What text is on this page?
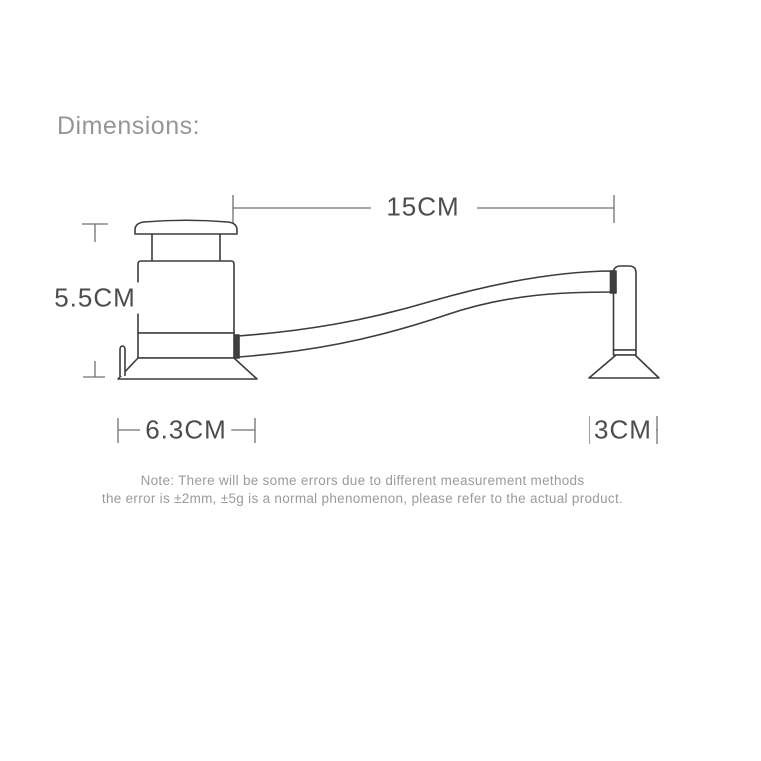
Dimensions:
15CM
5.5CM
6.3CM	3CM
Note: There will be some errors due to different measurement methods
the error is ±2mm, ±5g is a normal phenomenon, please refer to the actual product.
